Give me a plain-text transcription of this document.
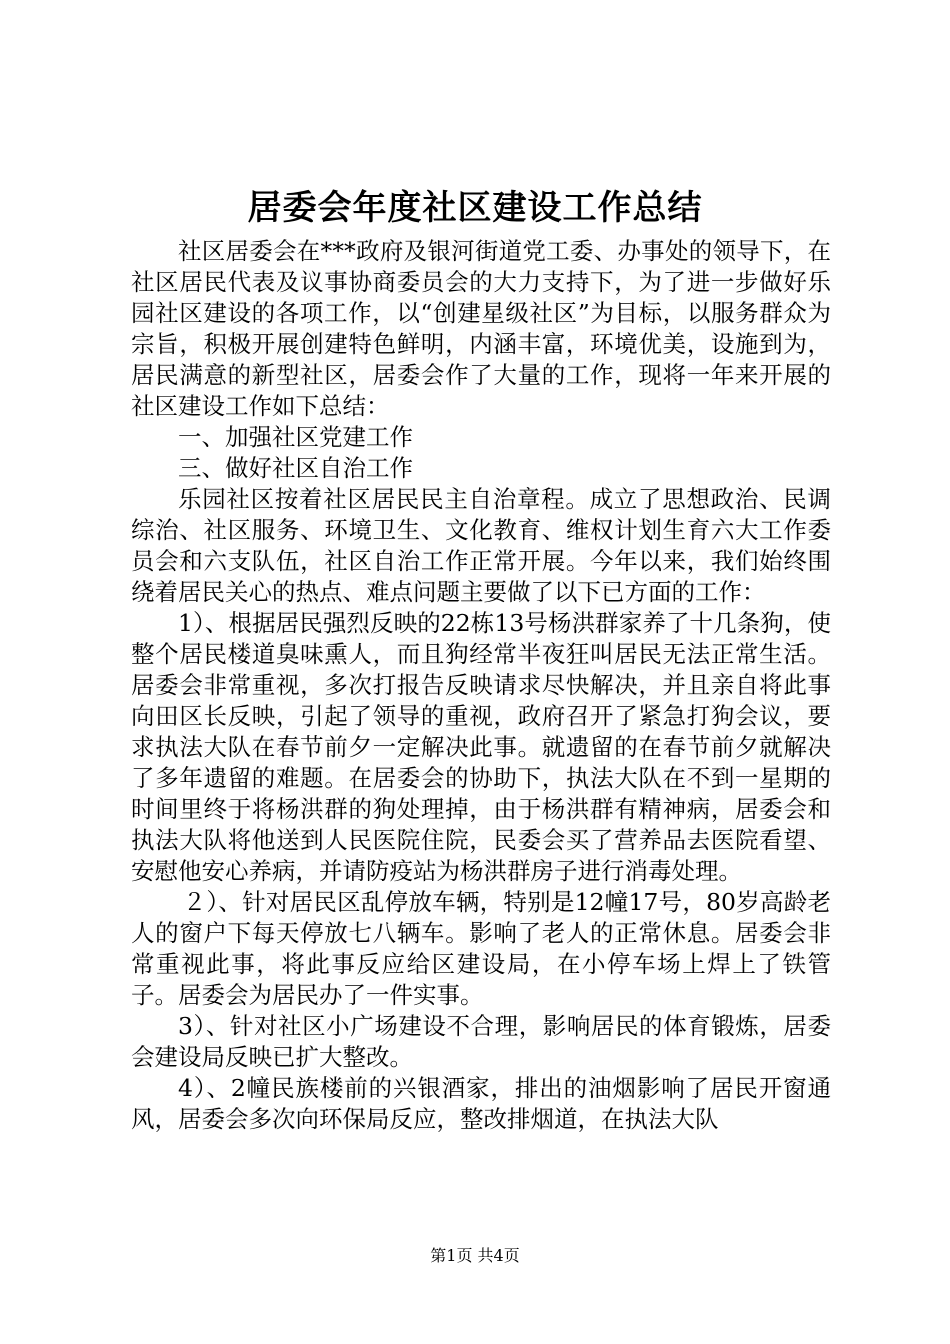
居委会年度社区建设工作总结

社区居委会在***政府及银河街道党工委、办事处的领导下，在社区居民代表及议事协商委员会的大力支持下，为了进一步做好乐园社区建设的各项工作，以“创建星级社区”为目标，以服务群众为宗旨，积极开展创建特色鲜明，内涵丰富，环境优美，设施到为，居民满意的新型社区，居委会作了大量的工作，现将一年来开展的社区建设工作如下总结：

一、加强社区党建工作

三、做好社区自治工作

乐园社区按着社区居民民主自治章程。成立了思想政治、民调综治、社区服务、环境卫生、文化教育、维权计划生育六大工作委员会和六支队伍，社区自治工作正常开展。今年以来，我们始终围绕着居民关心的热点、难点问题主要做了以下已方面的工作：

1）、根据居民强烈反映的22栋13号杨洪群家养了十几条狗，使整个居民楼道臭味熏人，而且狗经常半夜狂叫居民无法正常生活。居委会非常重视，多次打报告反映请求尽快解决，并且亲自将此事向田区长反映，引起了领导的重视，政府召开了紧急打狗会议，要求执法大队在春节前夕一定解决此事。就遗留的在春节前夕就解决了多年遗留的难题。在居委会的协助下，执法大队在不到一星期的时间里终于将杨洪群的狗处理掉，由于杨洪群有精神病，居委会和执法大队将他送到人民医院住院，民委会买了营养品去医院看望、安慰他安心养病，并请防疫站为杨洪群房子进行消毒处理。

２）、针对居民区乱停放车辆，特别是12幢17号，80岁高龄老人的窗户下每天停放七八辆车。影响了老人的正常休息。居委会非常重视此事，将此事反应给区建设局，在小停车场上焊上了铁管子。居委会为居民办了一件实事。

3）、针对社区小广场建设不合理，影响居民的体育锻炼，居委会建设局反映已扩大整改。

4）、2幢民族楼前的兴银酒家，排出的油烟影响了居民开窗通风，居委会多次向环保局反应，整改排烟道，在执法大队

第1页 共4页
